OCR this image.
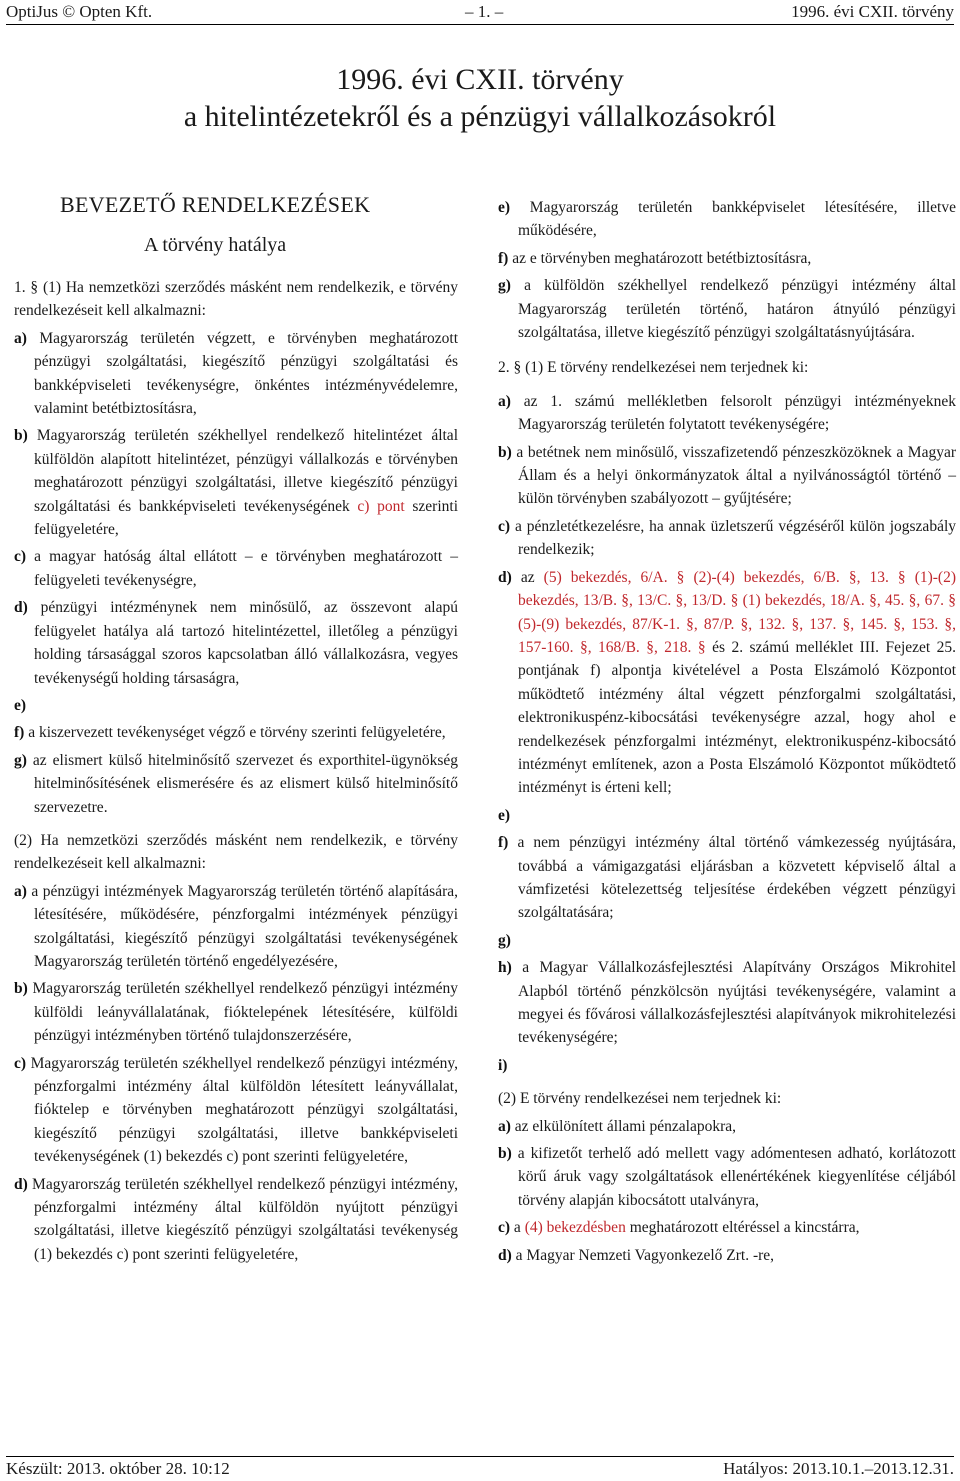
OptiJus © Opten Kft.	– 1. –	1996. évi CXII. törvény
1996. évi CXII. törvény
a hitelintézetekről és a pénzügyi vállalkozásokról
BEVEZETŐ RENDELKEZÉSEK
A törvény hatálya

1. § (1) Ha nemzetközi szerződés másként nem rendelkezik, e törvény rendelkezéseit kell alkalmazni:

a) Magyarország területén végzett, e törvényben meghatározott pénzügyi szolgáltatási, kiegészítő pénzügyi szolgáltatási és bankképviseleti tevékenységre, önkéntes intézményvédelemre, valamint betétbiztosításra,
b) Magyarország területén székhellyel rendelkező hitelintézet által külföldön alapított hitelintézet, pénzügyi vállalkozás e törvényben meghatározott pénzügyi szolgáltatási, illetve kiegészítő pénzügyi szolgáltatási és bankképviseleti tevékenységének c) pont szerinti felügyeletére,
c) a magyar hatóság által ellátott – e törvényben meghatározott – felügyeleti tevékenységre,
d) pénzügyi intézménynek nem minősülő, az összevont alapú felügyelet hatálya alá tartozó hitelintézettel, illetőleg a pénzügyi holding társasággal szoros kapcsolatban álló vállalkozásra, vegyes tevékenységű holding társaságra,
e)
f) a kiszervezett tevékenységet végző e törvény szerinti felügyeletére,
g) az elismert külső hitelminősítő szervezet és exporthitel-ügynökség hitelminősítésének elismerésére és az elismert külső hitelminősítő szervezetre.

(2) Ha nemzetközi szerződés másként nem rendelkezik, e törvény rendelkezéseit kell alkalmazni:

a) a pénzügyi intézmények Magyarország területén történő alapítására, létesítésére, működésére, pénzforgalmi intézmények pénzügyi szolgáltatási, kiegészítő pénzügyi szolgáltatási tevékenységének Magyarország területén történő engedélyezésére,
b) Magyarország területén székhellyel rendelkező pénzügyi intézmény külföldi leányvállalatának, fióktelepének létesítésére, külföldi pénzügyi intézményben történő tulajdonszerzésére,
c) Magyarország területén székhellyel rendelkező pénzügyi intézmény, pénzforgalmi intézmény által külföldön létesített leányvállalat, fióktelep e törvényben meghatározott pénzügyi szolgáltatási, kiegészítő pénzügyi szolgáltatási, illetve bankképviseleti tevékenységének (1) bekezdés c) pont szerinti felügyeletére,
d) Magyarország területén székhellyel rendelkező pénzügyi intézmény, pénzforgalmi intézmény által külföldön nyújtott pénzügyi szolgáltatási, illetve kiegészítő pénzügyi szolgáltatási tevékenység (1) bekezdés c) pont szerinti felügyeletére,
e) Magyarország területén bankképviselet létesítésére, illetve működésére,
f) az e törvényben meghatározott betétbiztosításra,
g) a külföldön székhellyel rendelkező pénzügyi intézmény által Magyarország területén történő, határon átnyúló pénzügyi szolgáltatása, illetve kiegészítő pénzügyi szolgáltatásnyújtására.

2. § (1) E törvény rendelkezései nem terjednek ki:

a) az 1. számú mellékletben felsorolt pénzügyi intézményeknek Magyarország területén folytatott tevékenységére;
b) a betétnek nem minősülő, visszafizetendő pénzeszközöknek a Magyar Állam és a helyi önkormányzatok által a nyilvánosságtól történő – külön törvényben szabályozott – gyűjtésére;
c) a pénzletétkezelésre, ha annak üzletszerű végzéséről külön jogszabály rendelkezik;
d) az (5) bekezdés, 6/A. § (2)-(4) bekezdés, 6/B. §, 13. § (1)-(2) bekezdés, 13/B. §, 13/C. §, 13/D. § (1) bekezdés, 18/A. §, 45. §, 67. § (5)-(9) bekezdés, 87/K-1. §, 87/P. §, 132. §, 137. §, 145. §, 153. §, 157-160. §, 168/B. §, 218. § és 2. számú melléklet III. Fejezet 25. pontjának f) alpontja kivételével a Posta Elszámoló Központot működtető intézmény által végzett pénzforgalmi szolgáltatási, elektronikuspénz-kibocsátási tevékenységre azzal, hogy ahol e rendelkezések pénzforgalmi intézményt, elektronikuspénz-kibocsátó intézményt említenek, azon a Posta Elszámoló Központot működtető intézményt is érteni kell;
e)
f) a nem pénzügyi intézmény által történő vámkezesség nyújtására, továbbá a vámigazgatási eljárásban a közvetett képviselő által a vámfizetési kötelezettség teljesítése érdekében végzett pénzügyi szolgáltatására;
g)
h) a Magyar Vállalkozásfejlesztési Alapítvány Országos Mikrohitel Alapból történő pénzkölcsön nyújtási tevékenységére, valamint a megyei és fővárosi vállalkozásfejlesztési alapítványok mikrohitelezési tevékenységére;
i)

(2) E törvény rendelkezései nem terjednek ki:

a) az elkülönített állami pénzalapokra,
b) a kifizetőt terhelő adó mellett vagy adómentesen adható, korlátozott körű áruk vagy szolgáltatások ellenértékének kiegyenlítése céljából törvény alapján kibocsátott utalványra,
c) a (4) bekezdésben meghatározott eltéréssel a kincstárra,
d) a Magyar Nemzeti Vagyonkezelő Zrt. -re,
Készült: 2013. október 28. 10:12	Hatályos: 2013.10.1.–2013.12.31.
